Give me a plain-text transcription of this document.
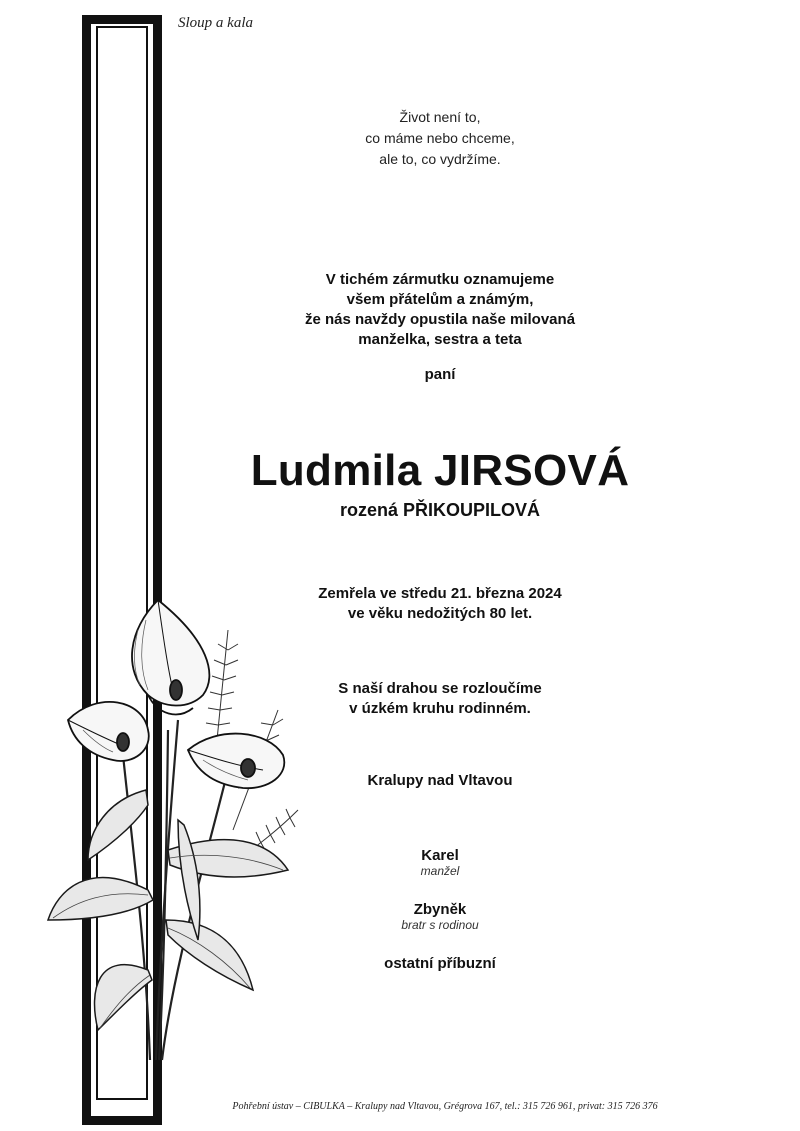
Sloup a kala
Život není to,
co máme nebo chceme,
ale to, co vydržíme.
V tichém zármutku oznamujeme
všem přátelům a známým,
že nás navždy opustila naše milovaná
manželka, sestra a teta
paní
Ludmila JIRSOVÁ
rozená PŘIKOUPILOVÁ
Zemřela ve středu 21. března 2024
ve věku nedožitých 80 let.
S naší drahou se rozloučíme
v úzkém kruhu rodinném.
Kralupy nad Vltavou
Karel
manžel
Zbyněk
bratr s rodinou
ostatní příbuzní
Pohřební ústav – CIBULKA – Kralupy nad Vltavou, Grégrova 167, tel.: 315 726 961, privat: 315 726 376
